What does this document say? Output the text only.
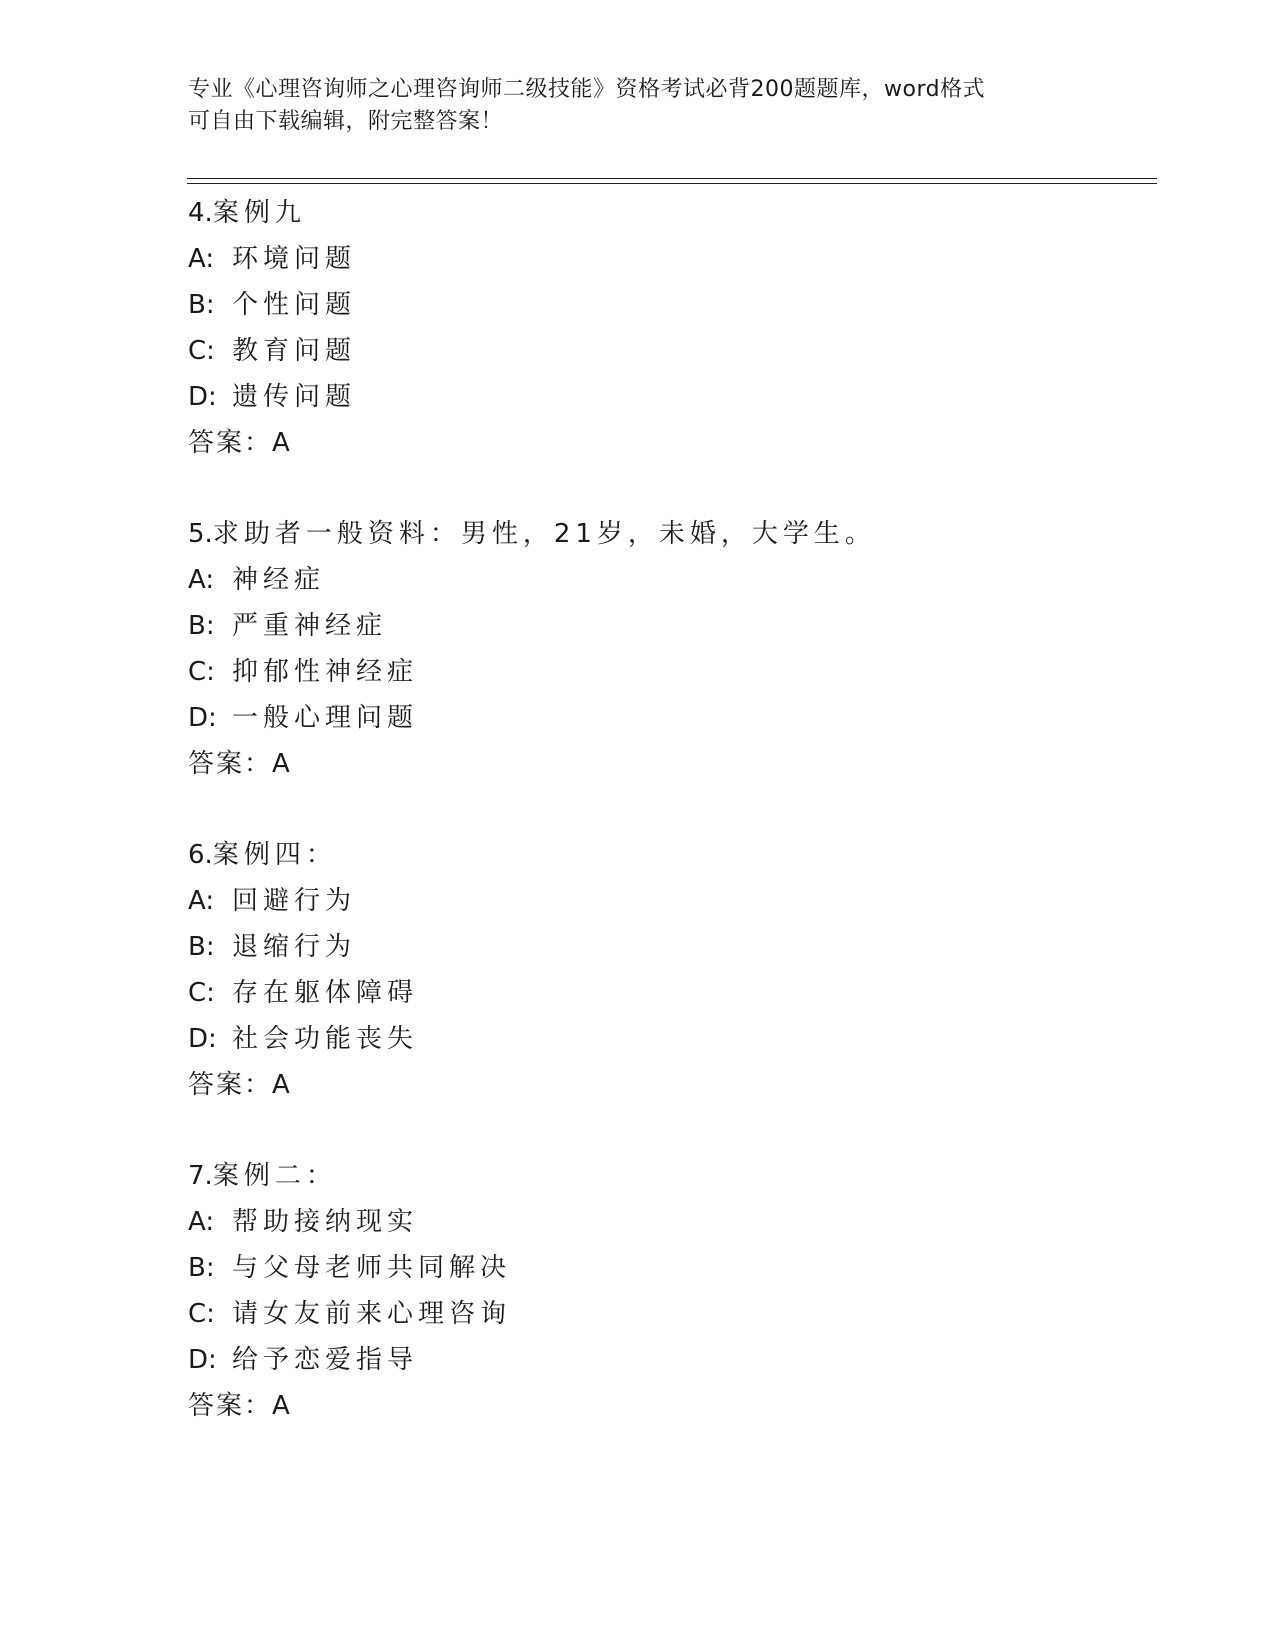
专业《心理咨询师之心理咨询师二级技能》资格考试必背200题题库，word格式
可自由下载编辑，附完整答案！
4.案例九
A: 环境问题
B: 个性问题
C: 教育问题
D: 遗传问题
答案：A
5.求助者一般资料：男性，21岁，未婚，大学生。
A: 神经症
B: 严重神经症
C: 抑郁性神经症
D: 一般心理问题
答案：A
6.案例四：
A: 回避行为
B: 退缩行为
C: 存在躯体障碍
D: 社会功能丧失
答案：A
7.案例二：
A: 帮助接纳现实
B: 与父母老师共同解决
C: 请女友前来心理咨询
D: 给予恋爱指导
答案：A
